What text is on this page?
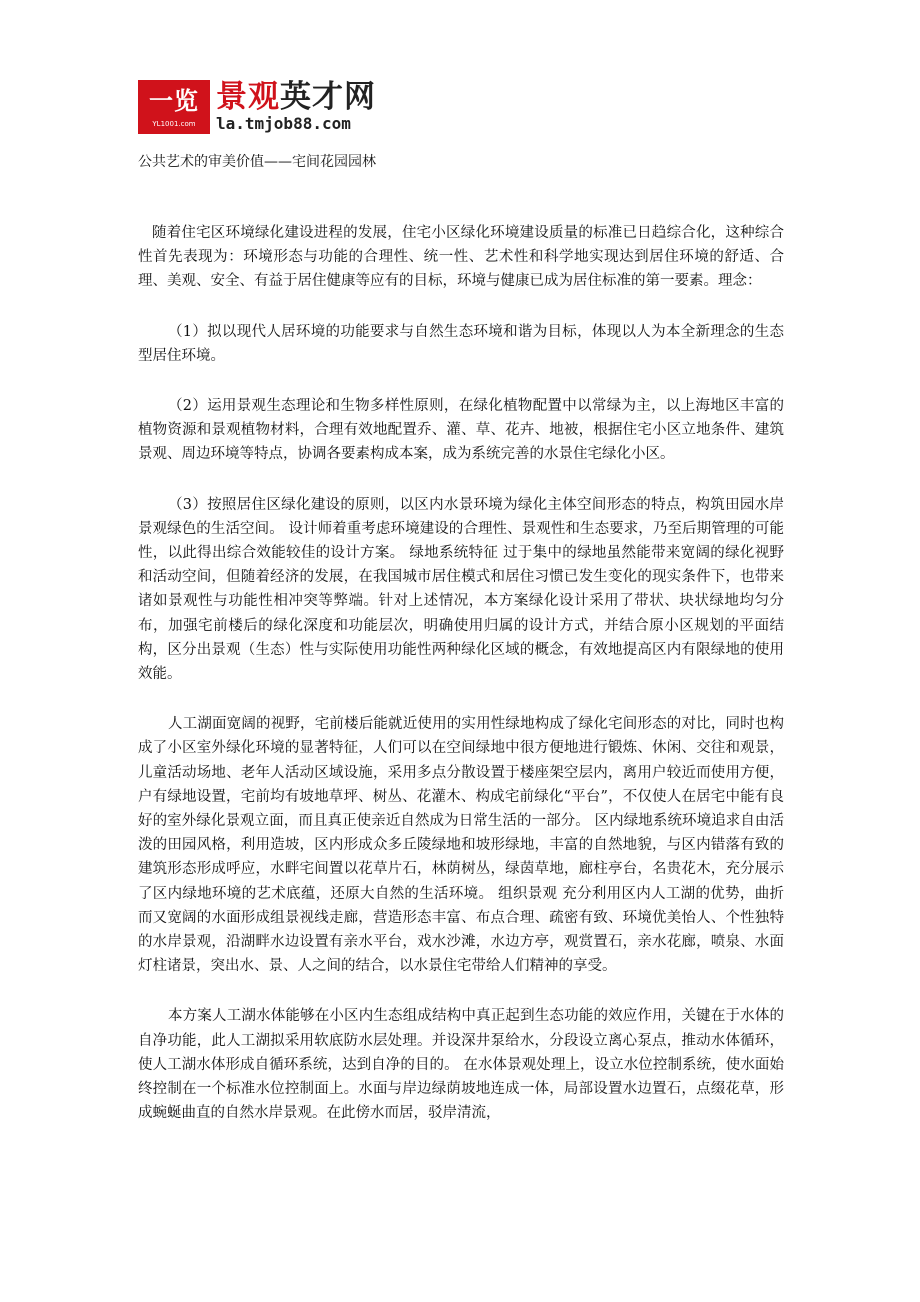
一览
YL1001.com
景观英才网
la.tmjob88.com
公共艺术的审美价值——宅间花园园林

随着住宅区环境绿化建设进程的发展，住宅小区绿化环境建设质量的标准已日趋综合化，这种综合性首先表现为：环境形态与功能的合理性、统一性、艺术性和科学地实现达到居住环境的舒适、合理、美观、安全、有益于居住健康等应有的目标，环境与健康已成为居住标准的第一要素。理念：

（1）拟以现代人居环境的功能要求与自然生态环境和谐为目标，体现以人为本全新理念的生态型居住环境。

（2）运用景观生态理论和生物多样性原则，在绿化植物配置中以常绿为主，以上海地区丰富的植物资源和景观植物材料，合理有效地配置乔、灌、草、花卉、地被，根据住宅小区立地条件、建筑景观、周边环境等特点，协调各要素构成本案，成为系统完善的水景住宅绿化小区。

（3）按照居住区绿化建设的原则，以区内水景环境为绿化主体空间形态的特点，构筑田园水岸景观绿色的生活空间。 设计师着重考虑环境建设的合理性、景观性和生态要求，乃至后期管理的可能性，以此得出综合效能较佳的设计方案。 绿地系统特征 过于集中的绿地虽然能带来宽阔的绿化视野和活动空间，但随着经济的发展，在我国城市居住模式和居住习惯已发生变化的现实条件下，也带来诸如景观性与功能性相冲突等弊端。针对上述情况，本方案绿化设计采用了带状、块状绿地均匀分布，加强宅前楼后的绿化深度和功能层次，明确使用归属的设计方式，并结合原小区规划的平面结构，区分出景观（生态）性与实际使用功能性两种绿化区域的概念，有效地提高区内有限绿地的使用效能。

人工湖面宽阔的视野，宅前楼后能就近使用的实用性绿地构成了绿化宅间形态的对比，同时也构成了小区室外绿化环境的显著特征，人们可以在空间绿地中很方便地进行锻炼、休闲、交往和观景，儿童活动场地、老年人活动区域设施，采用多点分散设置于楼座架空层内，离用户较近而使用方便，户有绿地设置，宅前均有坡地草坪、树丛、花灌木、构成宅前绿化“平台”，不仅使人在居宅中能有良好的室外绿化景观立面，而且真正使亲近自然成为日常生活的一部分。 区内绿地系统环境追求自由活泼的田园风格，利用造坡，区内形成众多丘陵绿地和坡形绿地，丰富的自然地貌，与区内错落有致的建筑形态形成呼应，水畔宅间置以花草片石，林荫树丛，绿茵草地，廊柱亭台，名贵花木，充分展示了区内绿地环境的艺术底蕴，还原大自然的生活环境。 组织景观 充分利用区内人工湖的优势，曲折而又宽阔的水面形成组景视线走廊，营造形态丰富、布点合理、疏密有致、环境优美怡人、个性独特的水岸景观，沿湖畔水边设置有亲水平台，戏水沙滩，水边方亭，观赏置石，亲水花廊，喷泉、水面灯柱诸景，突出水、景、人之间的结合，以水景住宅带给人们精神的享受。

本方案人工湖水体能够在小区内生态组成结构中真正起到生态功能的效应作用，关键在于水体的自净功能，此人工湖拟采用软底防水层处理。并设深井泵给水，分段设立离心泵点，推动水体循环，使人工湖水体形成自循环系统，达到自净的目的。 在水体景观处理上，设立水位控制系统，使水面始终控制在一个标准水位控制面上。水面与岸边绿荫坡地连成一体，局部设置水边置石，点缀花草，形成蜿蜒曲直的自然水岸景观。在此傍水而居，驳岸清流，
